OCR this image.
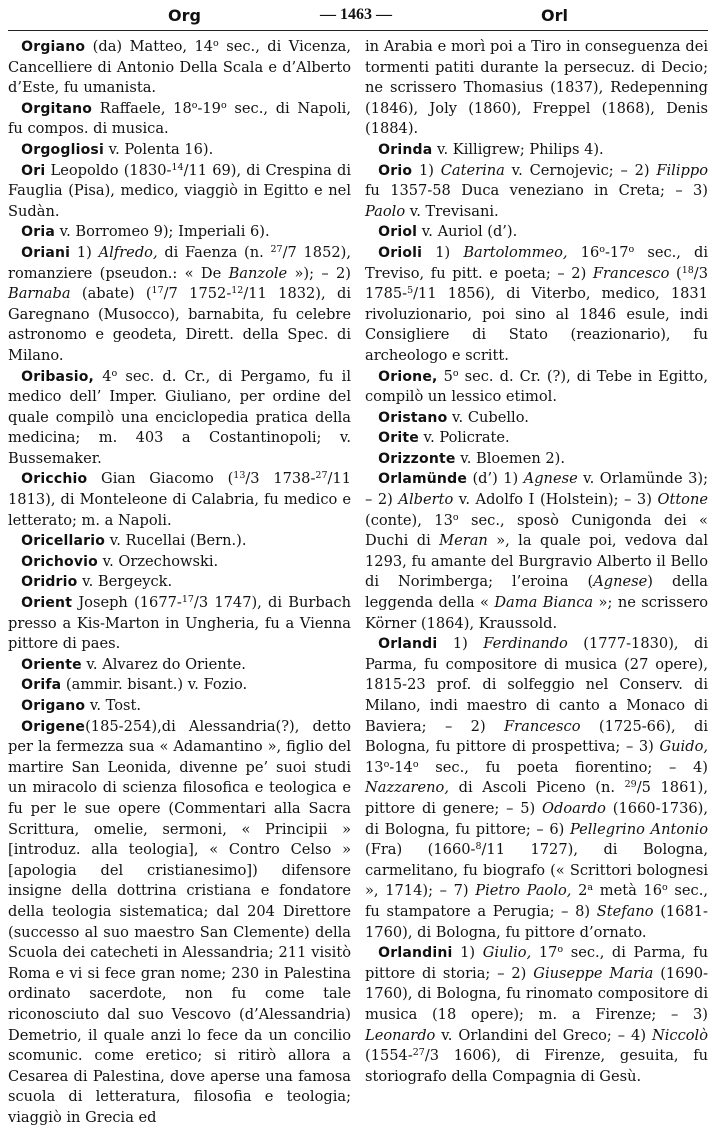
Org	— 1463 —	Orl

Orgiano (da) Matteo, 14$^o$ sec., di Vicenza, Cancelliere di Antonio Della Scala e d’Alberto d’Este, fu umanista.

Orgitano Raffaele, 18$^o$-19$^o$ sec., di Napoli, fu compos. di musica.

Orgogliosi v. Polenta 16).

Ori Leopoldo (1830-$^{14}$/11 69), di Crespina di Fauglia (Pisa), medico, viaggiò in Egitto e nel Sudàn.

Oria v. Borromeo 9); Imperiali 6).

Oriani 1) Alfredo, di Faenza (n. $^{27}$/7 1852), romanziere (pseudon.: « De Banzole »); – 2) Barnaba (abate) ($^{17}$/7 1752-$^{12}$/11 1832), di Garegnano (Musocco), barnabita, fu celebre astronomo e geodeta, Dirett. della Spec. di Milano.

Oribasio, 4$^o$ sec. d. Cr., di Pergamo, fu il medico dell’ Imper. Giuliano, per ordine del quale compilò una enciclopedia pratica della medicina; m. 403 a Costantinopoli; v. Bussemaker.

Oricchio Gian Giacomo ($^{13}$/3 1738-$^{27}$/11 1813), di Monteleone di Calabria, fu medico e letterato; m. a Napoli.

Oricellario v. Rucellai (Bern.).

Orichovio v. Orzechowski.

Oridrio v. Bergeyck.

Orient Joseph (1677-$^{17}$/3 1747), di Burbach presso a Kis-Marton in Ungheria, fu a Vienna pittore di paes.

Oriente v. Alvarez do Oriente.

Orifa (ammir. bisant.) v. Fozio.

Origano v. Tost.

Origene(185-254),di Alessandria(?), detto per la fermezza sua « Adamantino », figlio del martire San Leonida, divenne pe’ suoi studi un miracolo di scienza filosofica e teologica e fu per le sue opere (Commentari alla Sacra Scrittura, omelie, sermoni, « Principii » [introduz. alla teologia], « Contro Celso » [apologia del cristianesimo]) difensore insigne della dottrina cristiana e fondatore della teologia sistematica; dal 204 Direttore (successo al suo maestro San Clemente) della Scuola dei catecheti in Alessandria; 211 visitò Roma e vi si fece gran nome; 230 in Palestina ordinato sacerdote, non fu come tale riconosciuto dal suo Vescovo (d’Alessandria) Demetrio, il quale anzi lo fece da un concilio scomunic. come eretico; si ritirò allora a Cesarea di Palestina, dove aperse una famosa scuola di letteratura, filosofia e teologia; viaggiò in Grecia ed

in Arabia e morì poi a Tiro in conseguenza dei tormenti patiti durante la persecuz. di Decio; ne scrissero Thomasius (1837), Redepenning (1846), Joly (1860), Freppel (1868), Denis (1884).

Orinda v. Killigrew; Philips 4).

Orio 1) Caterina v. Cernojevic; – 2) Filippo fu 1357-58 Duca veneziano in Creta; – 3) Paolo v. Trevisani.

Oriol v. Auriol (d’).

Orioli 1) Bartolommeo, 16$^o$-17$^o$ sec., di Treviso, fu pitt. e poeta; – 2) Francesco ($^{18}$/3 1785-$^5$/11 1856), di Viterbo, medico, 1831 rivoluzionario, poi sino al 1846 esule, indi Consigliere di Stato (reazionario), fu archeologo e scritt.

Orione, 5$^o$ sec. d. Cr. (?), di Tebe in Egitto, compilò un lessico etimol.

Oristano v. Cubello.

Orite v. Policrate.

Orizzonte v. Bloemen 2).

Orlamünde (d’) 1) Agnese v. Orlamünde 3); – 2) Alberto v. Adolfo I (Holstein); – 3) Ottone (conte), 13$^o$ sec., sposò Cunigonda dei « Duchi di Meran », la quale poi, vedova dal 1293, fu amante del Burgravio Alberto il Bello di Norimberga; l’eroina (Agnese) della leggenda della « Dama Bianca »; ne scrissero Körner (1864), Kraussold.

Orlandi 1) Ferdinando (1777-1830), di Parma, fu compositore di musica (27 opere), 1815-23 prof. di solfeggio nel Conserv. di Milano, indi maestro di canto a Monaco di Baviera; – 2) Francesco (1725-66), di Bologna, fu pittore di prospettiva; – 3) Guido, 13$^o$-14$^o$ sec., fu poeta fiorentino; – 4) Nazzareno, di Ascoli Piceno (n. $^{29}$/5 1861), pittore di genere; – 5) Odoardo (1660-1736), di Bologna, fu pittore; – 6) Pellegrino Antonio (Fra) (1660-$^8$/11 1727), di Bologna, carmelitano, fu biografo (« Scrittori bolognesi », 1714); – 7) Pietro Paolo, 2$^a$ metà 16$^o$ sec., fu stampatore a Perugia; – 8) Stefano (1681-1760), di Bologna, fu pittore d’ornato.

Orlandini 1) Giulio, 17$^o$ sec., di Parma, fu pittore di storia; – 2) Giuseppe Maria (1690-1760), di Bologna, fu rinomato compositore di musica (18 opere); m. a Firenze; – 3) Leonardo v. Orlandini del Greco; – 4) Niccolò (1554-$^{27}$/3 1606), di Firenze, gesuita, fu storiografo della Compagnia di Gesù.
